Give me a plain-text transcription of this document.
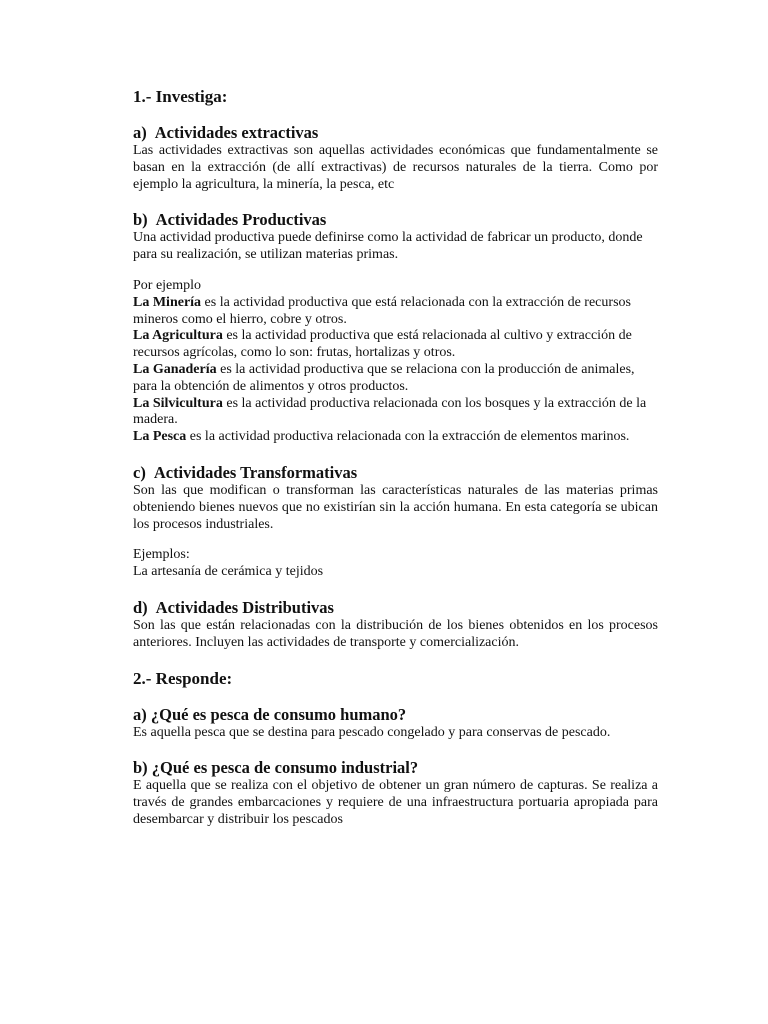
1.- Investiga:
a) Actividades extractivas
Las actividades extractivas son aquellas actividades económicas que fundamentalmente se basan en la extracción (de allí extractivas) de recursos naturales de la tierra. Como por ejemplo la agricultura, la minería, la pesca, etc
b) Actividades Productivas
Una actividad productiva puede definirse como la actividad de fabricar un producto, donde para su realización, se utilizan materias primas.
Por ejemplo
La Minería es la actividad productiva que está relacionada con la extracción de recursos mineros como el hierro, cobre y otros.
La Agricultura es la actividad productiva que está relacionada al cultivo y extracción de recursos agrícolas, como lo son: frutas, hortalizas y otros.
La Ganadería es la actividad productiva que se relaciona con la producción de animales, para la obtención de alimentos y otros productos.
La Silvicultura es la actividad productiva relacionada con los bosques y la extracción de la madera.
La Pesca es la actividad productiva relacionada con la extracción de elementos marinos.
c) Actividades Transformativas
Son las que modifican o transforman las características naturales de las materias primas obteniendo bienes nuevos que no existirían sin la acción humana. En esta categoría se ubican los procesos industriales.
Ejemplos:
La artesanía de cerámica y tejidos
d) Actividades Distributivas
Son las que están relacionadas con la distribución de los bienes obtenidos en los procesos anteriores. Incluyen las actividades de transporte y comercialización.
2.- Responde:
a) ¿Qué es pesca de consumo humano?
Es aquella pesca que se destina para pescado congelado y para conservas de pescado.
b) ¿Qué es pesca de consumo industrial?
E aquella que se realiza con el objetivo de obtener un gran número de capturas. Se realiza a través de grandes embarcaciones y requiere de una infraestructura portuaria apropiada para desembarcar y distribuir los pescados
